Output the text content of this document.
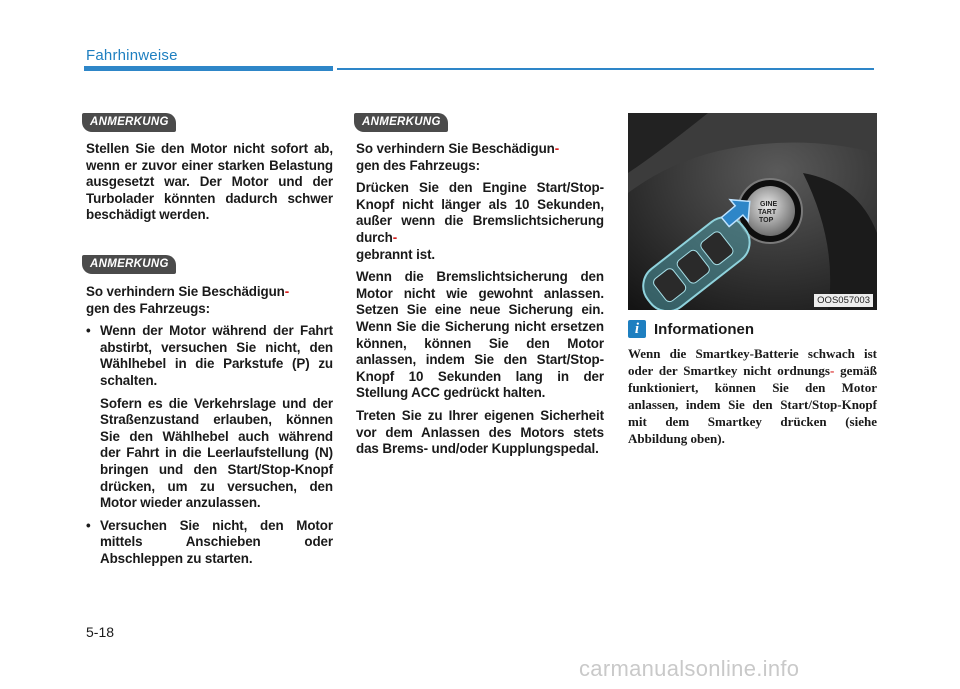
Fahrhinweise
ANMERKUNG

Stellen Sie den Motor nicht sofort ab, wenn er zuvor einer starken Belastung ausgesetzt war. Der Motor und der Turbolader könnten dadurch schwer beschädigt werden.

ANMERKUNG

So verhindern Sie Beschädigun-
gen des Fahrzeugs:

• Wenn der Motor während der Fahrt abstirbt, versuchen Sie nicht, den Wählhebel in die Parkstufe (P) zu schalten.
Sofern es die Verkehrslage und der Straßenzustand erlauben, können Sie den Wählhebel auch während der Fahrt in die Leerlaufstellung (N) bringen und den Start/Stop-Knopf drücken, um zu versuchen, den Motor wieder anzulassen.
• Versuchen Sie nicht, den Motor mittels Anschieben oder Abschleppen zu starten.
ANMERKUNG

So verhindern Sie Beschädigun-
gen des Fahrzeugs:

Drücken Sie den Engine Start/Stop-Knopf nicht länger als 10 Sekunden, außer wenn die Bremslichtsicherung durch-
gebrannt ist.

Wenn die Bremslichtsicherung den Motor nicht wie gewohnt anlassen. Setzen Sie eine neue Sicherung ein. Wenn Sie die Sicherung nicht ersetzen können, können Sie den Motor anlassen, indem Sie den Start/Stop-Knopf 10 Sekunden lang in der Stellung ACC gedrückt halten.

Treten Sie zu Ihrer eigenen Sicherheit vor dem Anlassen des Motors stets das Brems- und/oder Kupplungspedal.

GINE
TART
TOP
OOS057003
i Informationen
Wenn die Smartkey-Batterie schwach ist oder der Smartkey nicht ordnungs- gemäß funktioniert, können Sie den Motor anlassen, indem Sie den Start/Stop-Knopf mit dem Smartkey drücken (siehe Abbildung oben).
5-18
carmanualsonline.info
